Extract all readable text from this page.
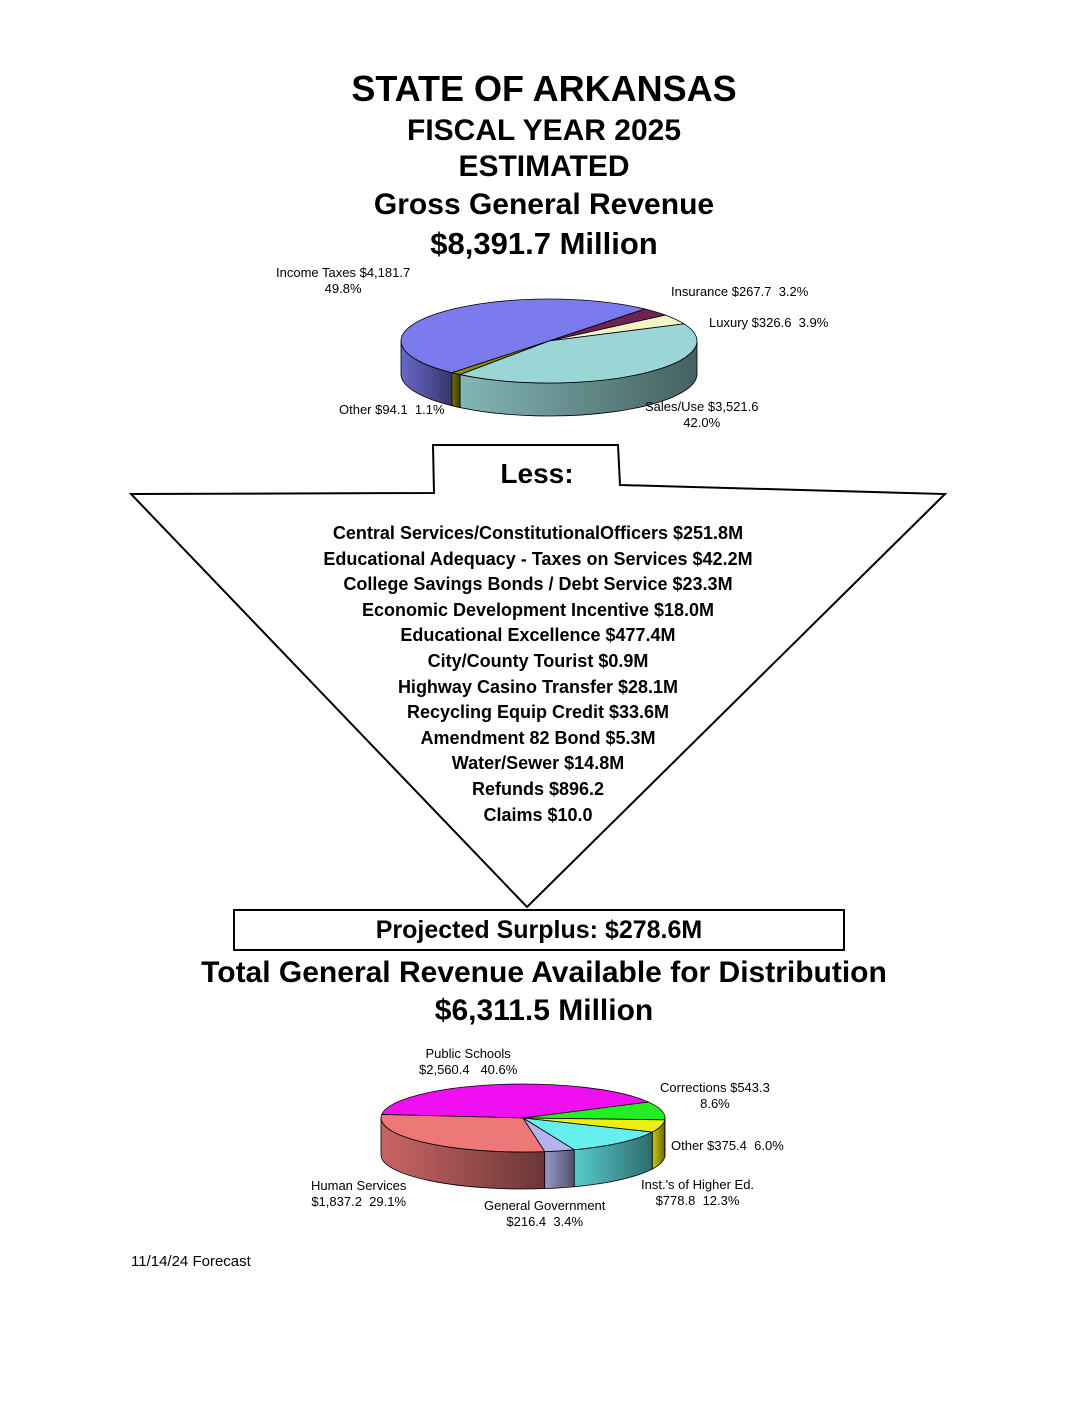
STATE OF ARKANSAS
FISCAL YEAR 2025
ESTIMATED
Gross General Revenue
$8,391.7 Million
Income Taxes $4,181.7
49.8%	Insurance $267.7 3.2%
Luxury $326.6 3.9%
Sales/Use $3,521.6
42.0%
Other $94.1 1.1%
Less:
Central Services/ConstitutionalOfficers $251.8M
Educational Adequacy - Taxes on Services $42.2M
College Savings Bonds / Debt Service $23.3M
Economic Development Incentive $18.0M
Educational Excellence $477.4M
City/County Tourist $0.9M
Highway Casino Transfer $28.1M
Recycling Equip Credit $33.6M
Amendment 82 Bond $5.3M
Water/Sewer $14.8M
Refunds $896.2
Claims $10.0
Projected Surplus: $278.6M
Total General Revenue Available for Distribution
$6,311.5 Million
Public Schools
$2,560.4 40.6%
Corrections $543.3
8.6%
Other $375.4 6.0%
Inst.'s of Higher Ed.
$778.8 12.3%
General Government
$216.4 3.4%
Human Services
$1,837.2 29.1%
11/14/24 Forecast
